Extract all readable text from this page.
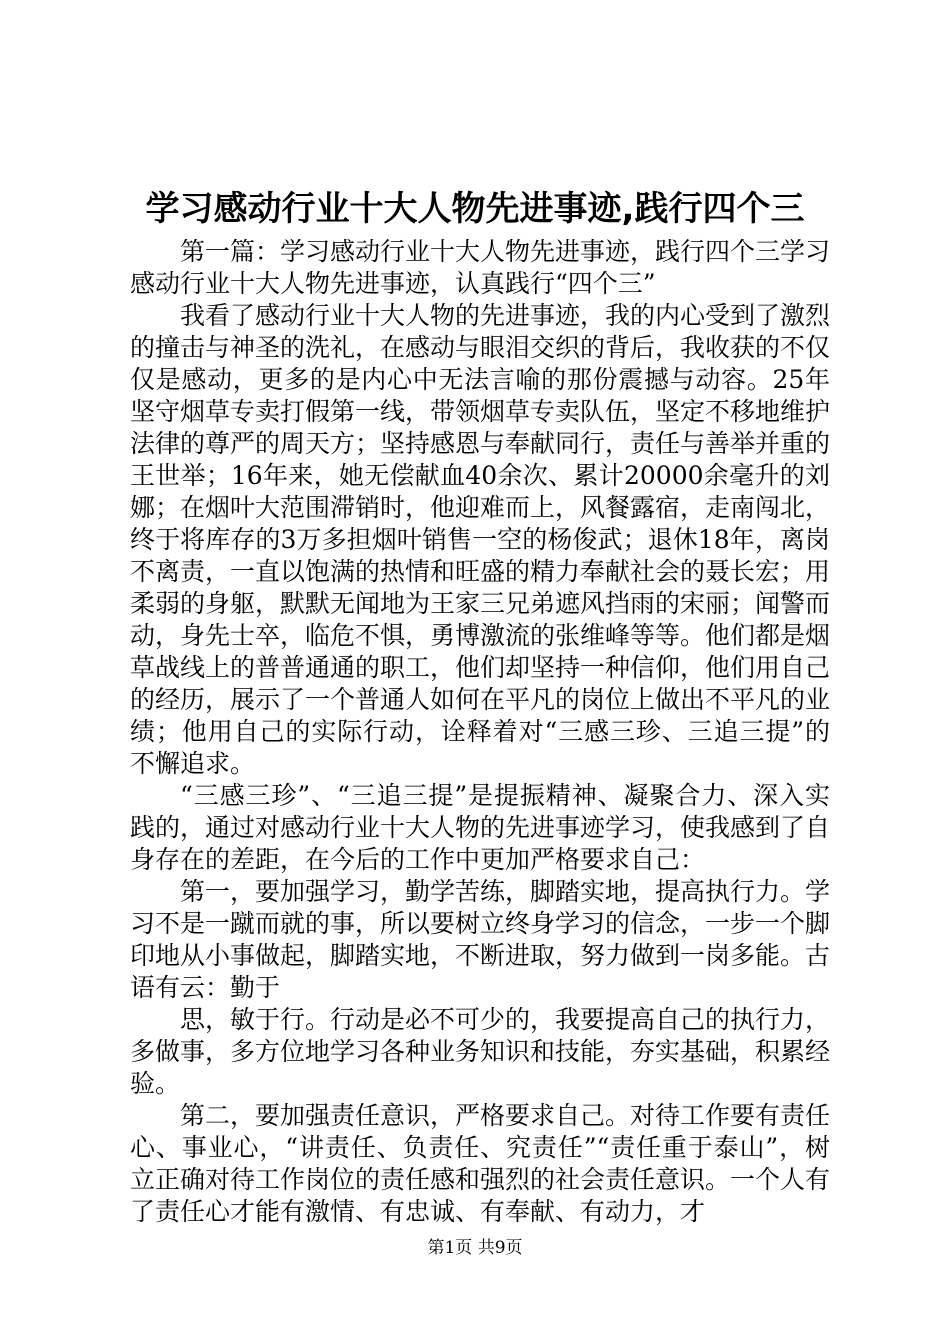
学习感动行业十大人物先进事迹,践行四个三

第一篇：学习感动行业十大人物先进事迹，践行四个三学习感动行业十大人物先进事迹，认真践行“四个三”

我看了感动行业十大人物的先进事迹，我的内心受到了激烈的撞击与神圣的洗礼，在感动与眼泪交织的背后，我收获的不仅仅是感动，更多的是内心中无法言喻的那份震撼与动容。25年坚守烟草专卖打假第一线，带领烟草专卖队伍，坚定不移地维护法律的尊严的周天方；坚持感恩与奉献同行，责任与善举并重的王世举；16年来，她无偿献血40余次、累计20000余毫升的刘娜；在烟叶大范围滞销时，他迎难而上，风餐露宿，走南闯北，终于将库存的3万多担烟叶销售一空的杨俊武；退休18年，离岗不离责，一直以饱满的热情和旺盛的精力奉献社会的聂长宏；用柔弱的身躯，默默无闻地为王家三兄弟遮风挡雨的宋丽；闻警而动，身先士卒，临危不惧，勇博激流的张维峰等等。他们都是烟草战线上的普普通通的职工，他们却坚持一种信仰，他们用自己的经历，展示了一个普通人如何在平凡的岗位上做出不平凡的业绩；他用自己的实际行动，诠释着对“三感三珍、三追三提”的不懈追求。

“三感三珍”、“三追三提”是提振精神、凝聚合力、深入实践的，通过对感动行业十大人物的先进事迹学习，使我感到了自身存在的差距，在今后的工作中更加严格要求自己：

第一，要加强学习，勤学苦练，脚踏实地，提高执行力。学习不是一蹴而就的事，所以要树立终身学习的信念，一步一个脚印地从小事做起，脚踏实地，不断进取，努力做到一岗多能。古语有云：勤于

思，敏于行。行动是必不可少的，我要提高自己的执行力，多做事，多方位地学习各种业务知识和技能，夯实基础，积累经验。

第二，要加强责任意识，严格要求自己。对待工作要有责任心、事业心，“讲责任、负责任、究责任”“责任重于泰山”，树立正确对待工作岗位的责任感和强烈的社会责任意识。一个人有了责任心才能有激情、有忠诚、有奉献、有动力，才

第1页 共9页
